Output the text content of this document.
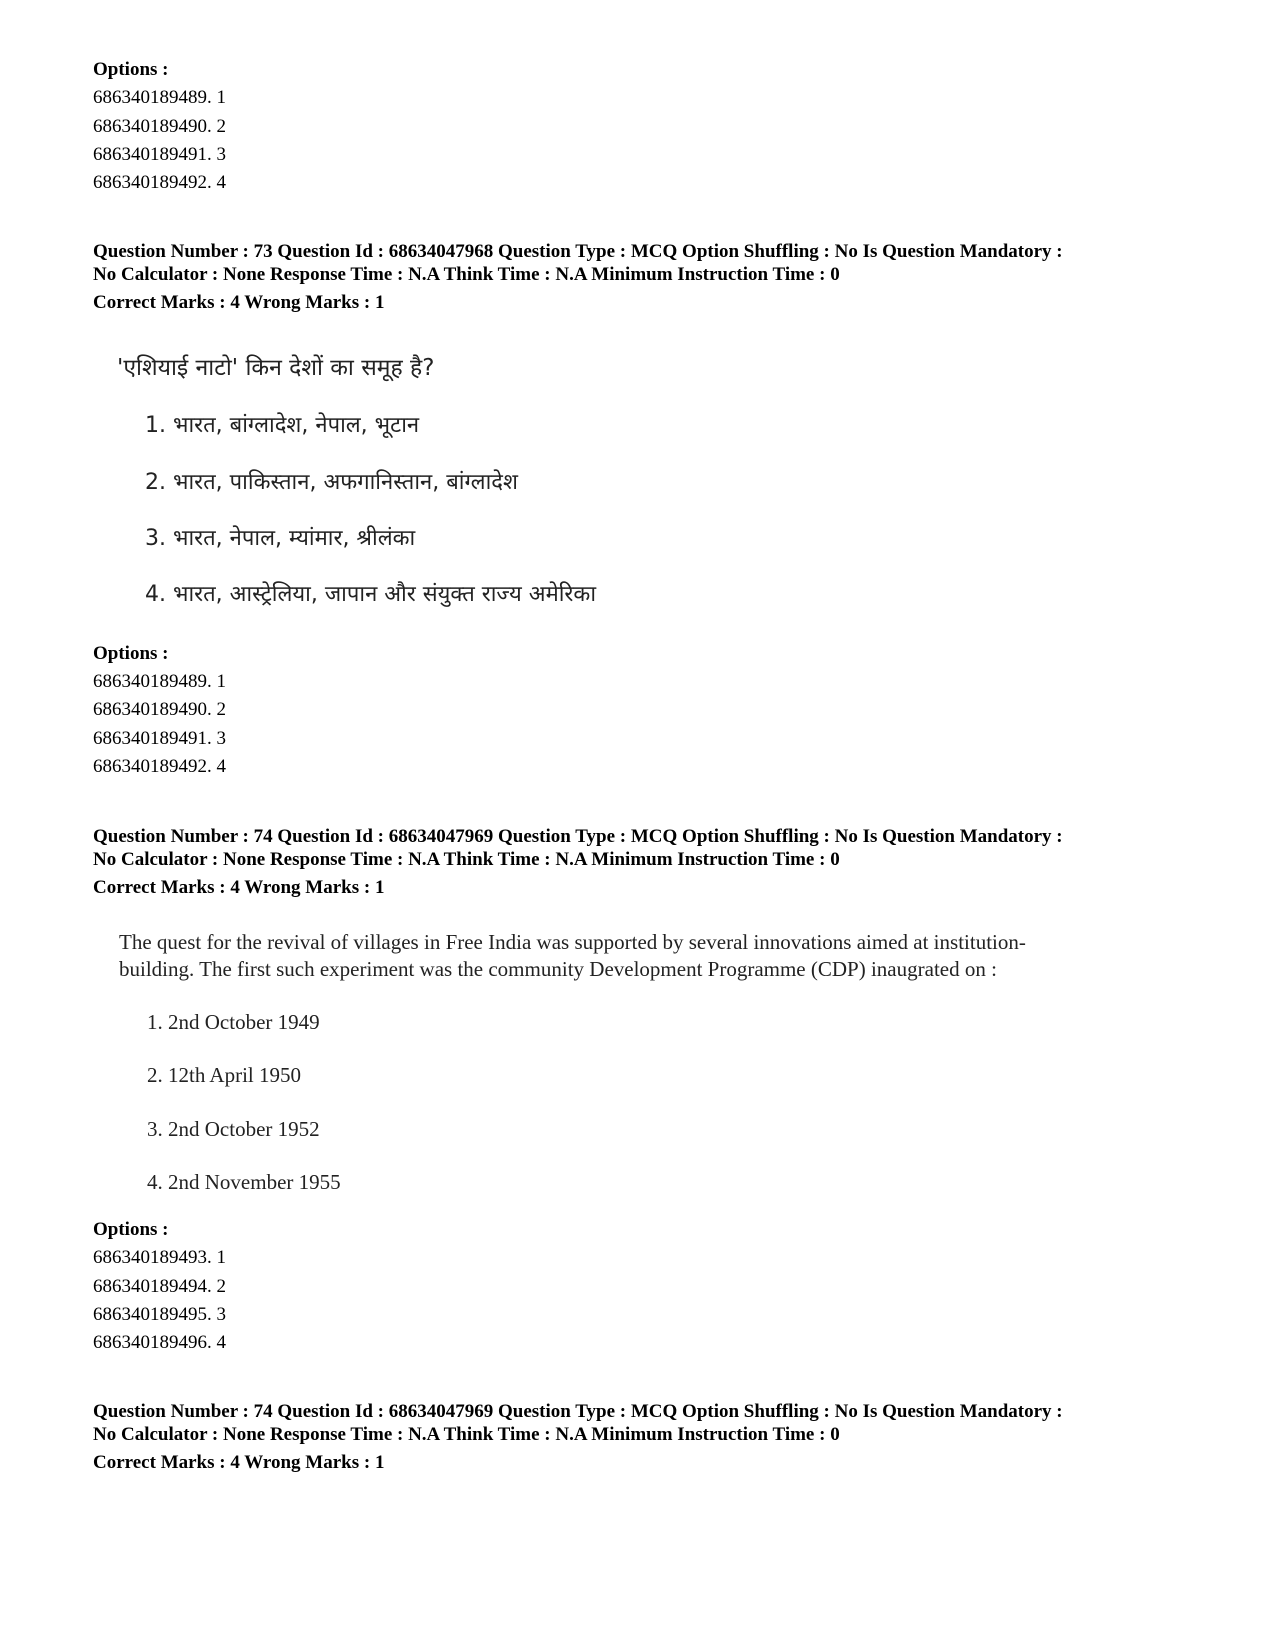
Options :
686340189489. 1
686340189490. 2
686340189491. 3
686340189492. 4
Question Number : 73 Question Id : 68634047968 Question Type : MCQ Option Shuffling : No Is Question Mandatory :
No Calculator : None Response Time : N.A Think Time : N.A Minimum Instruction Time : 0
Correct Marks : 4 Wrong Marks : 1
'एशियाई नाटो' किन देशों का समूह है?
1. भारत, बांग्लादेश, नेपाल, भूटान
2. भारत, पाकिस्तान, अफगानिस्तान, बांग्लादेश
3. भारत, नेपाल, म्यांमार, श्रीलंका
4. भारत, आस्ट्रेलिया, जापान और संयुक्त राज्य अमेरिका
Options :
686340189489. 1
686340189490. 2
686340189491. 3
686340189492. 4
Question Number : 74 Question Id : 68634047969 Question Type : MCQ Option Shuffling : No Is Question Mandatory :
No Calculator : None Response Time : N.A Think Time : N.A Minimum Instruction Time : 0
Correct Marks : 4 Wrong Marks : 1
The quest for the revival of villages in Free India was supported by several innovations aimed at institution-
building. The first such experiment was the community Development Programme (CDP) inaugrated on :
1. 2nd October 1949
2. 12th April 1950
3. 2nd October 1952
4. 2nd November 1955
Options :
686340189493. 1
686340189494. 2
686340189495. 3
686340189496. 4
Question Number : 74 Question Id : 68634047969 Question Type : MCQ Option Shuffling : No Is Question Mandatory :
No Calculator : None Response Time : N.A Think Time : N.A Minimum Instruction Time : 0
Correct Marks : 4 Wrong Marks : 1
